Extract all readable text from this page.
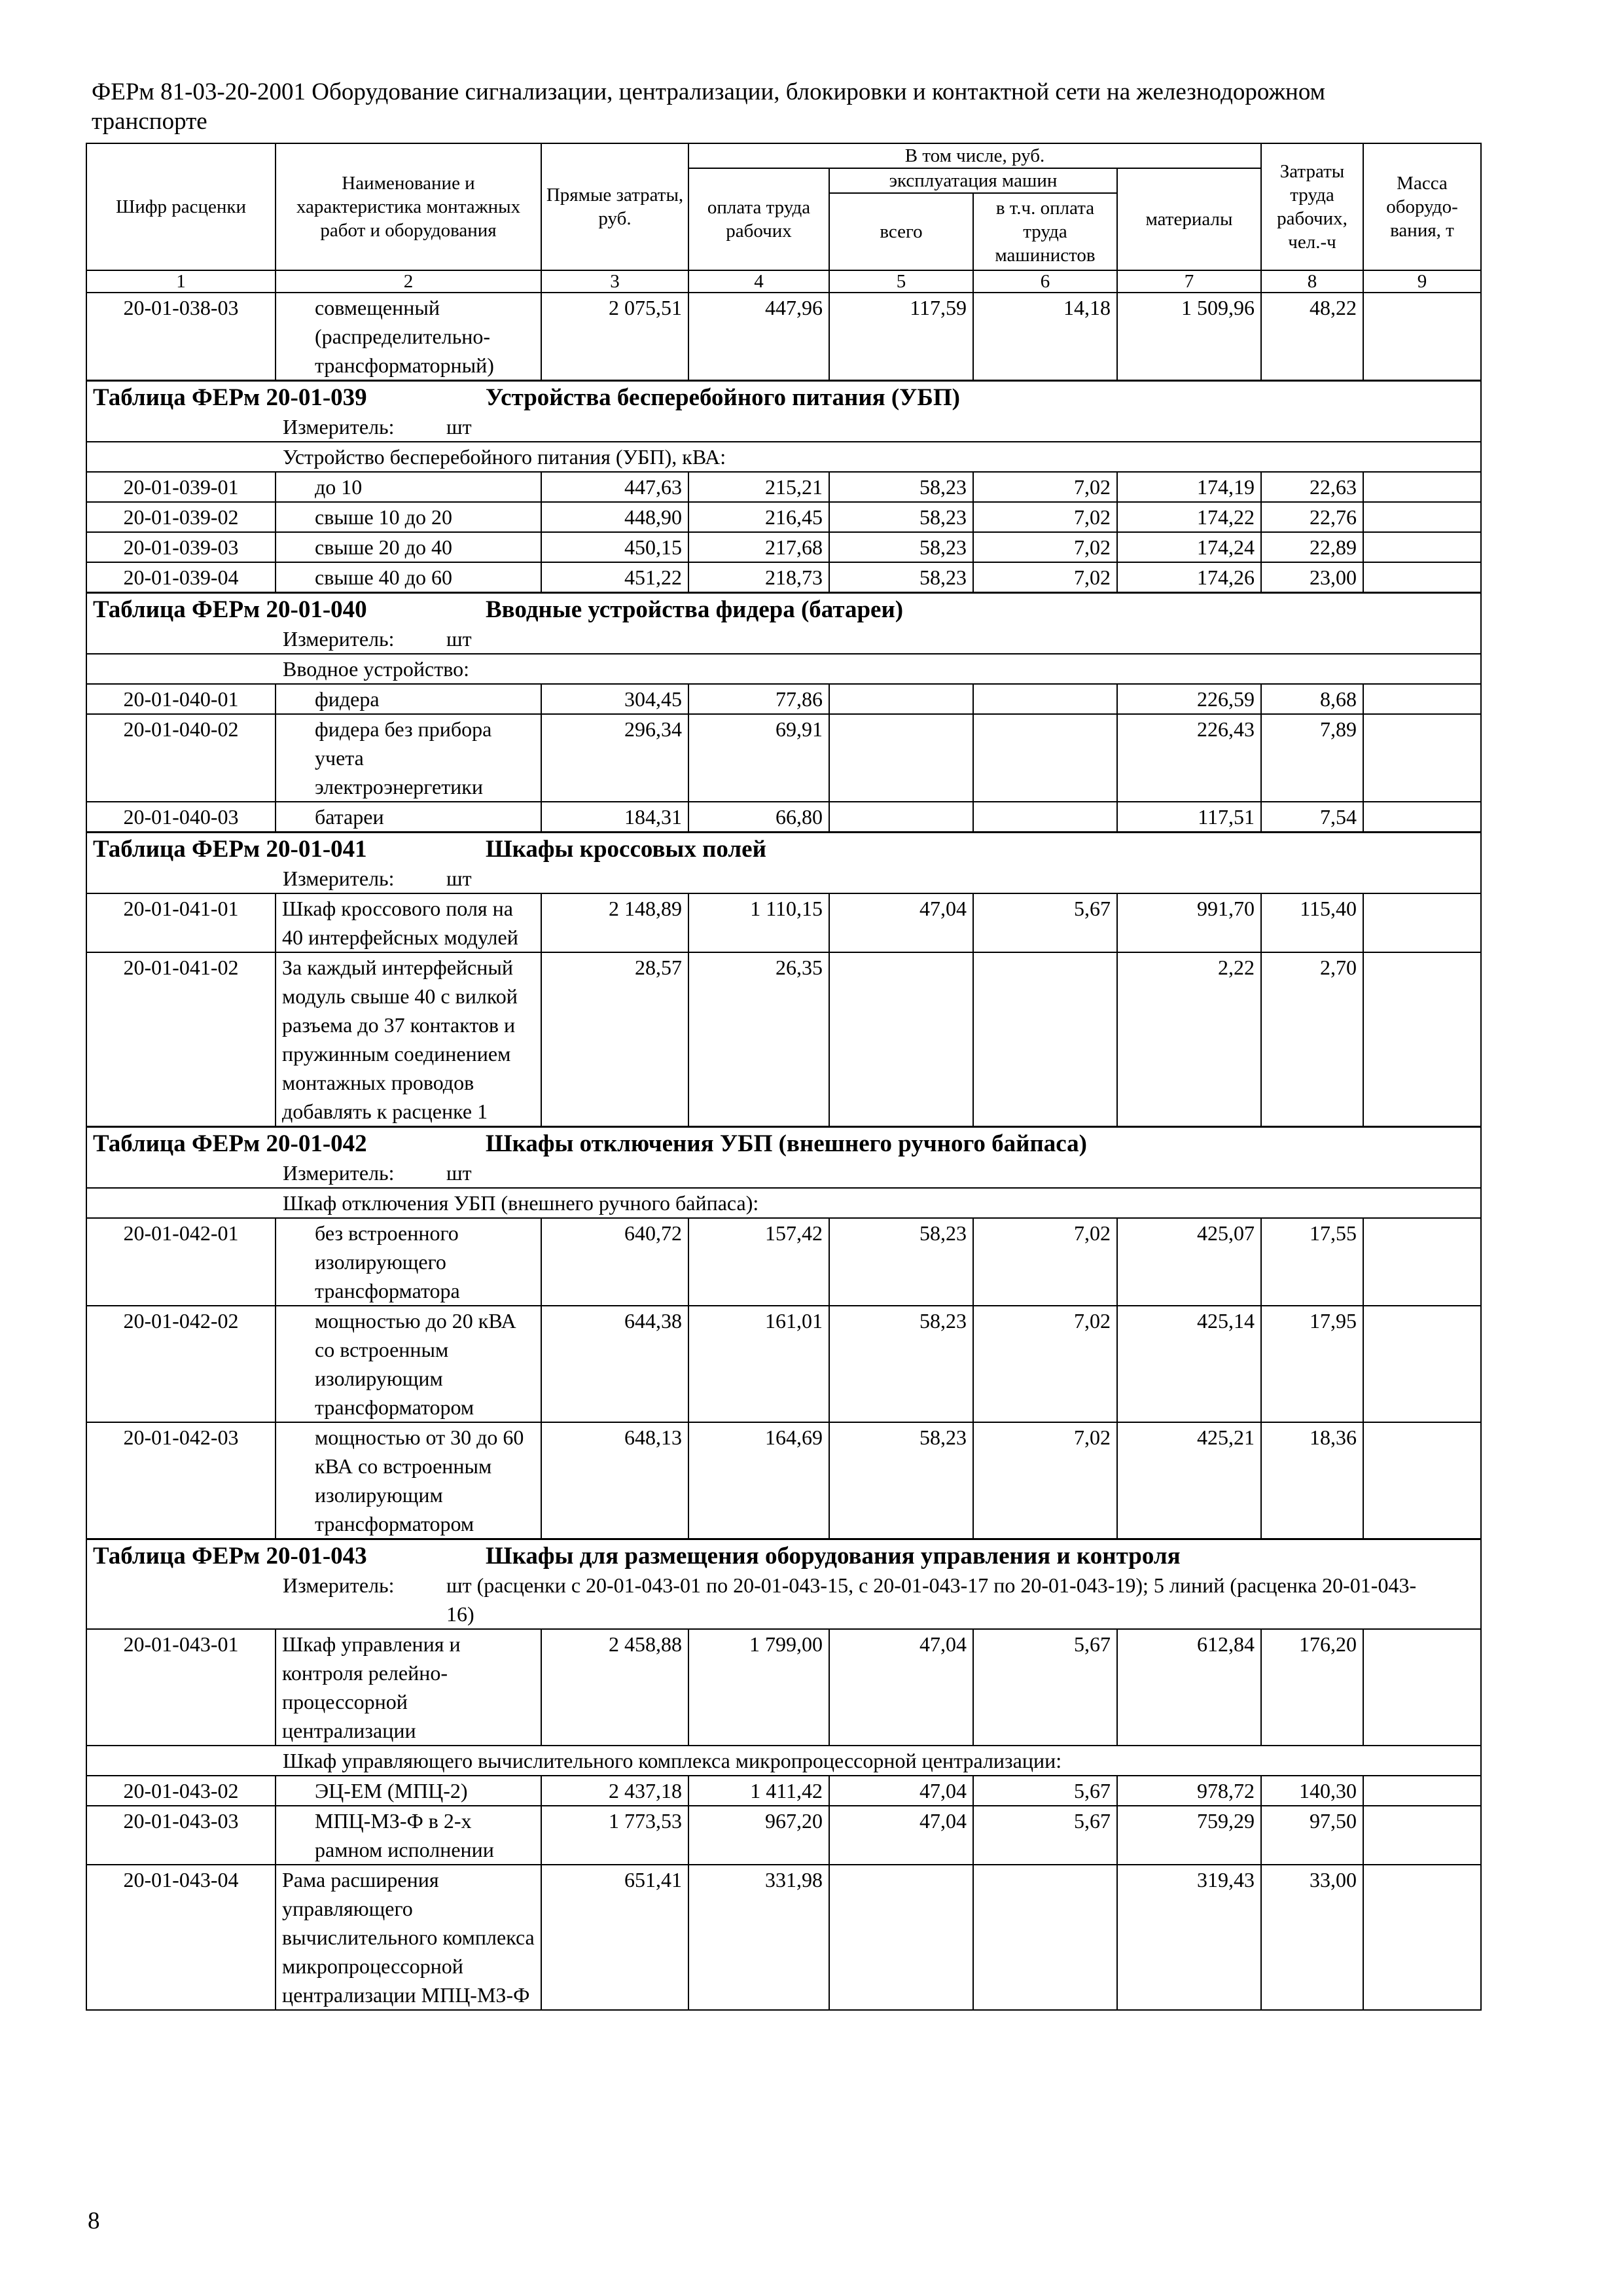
ФЕРм 81-03-20-2001 Оборудование сигнализации, централизации, блокировки и контактной сети на железнодорожном транспорте
Шифр расценки	Наименование и характеристика монтажных работ и оборудования	Прямые затраты, руб.	В том числе, руб.				Затраты труда рабочих, чел.-ч	Масса оборудо-вания, т
			оплата труда рабочих	эксплуатация машин		материалы		
				всего	в т.ч. оплата труда машинистов			
1	2	3	4	5	6	7	8	9
20-01-038-03	совмещенный (распределительно-трансформаторный)	2 075,51	447,96	117,59	14,18	1 509,96	48,22	
Таблица ФЕРм 20-01-039 Устройства бесперебойного питания (УБП)								
Измеритель: шт								

Устройство бесперебойного питания (УБП), кВА:								

20-01-039-01	до 10	447,63	215,21	58,23	7,02	174,19	22,63	
20-01-039-02	свыше 10 до 20	448,90	216,45	58,23	7,02	174,22	22,76	
20-01-039-03	свыше 20 до 40	450,15	217,68	58,23	7,02	174,24	22,89	
20-01-039-04	свыше 40 до 60	451,22	218,73	58,23	7,02	174,26	23,00	
Таблица ФЕРм 20-01-040 Вводные устройства фидера (батареи)								
Измеритель: шт								

Вводное устройство:								

20-01-040-01	фидера	304,45	77,86			226,59	8,68	
20-01-040-02	фидера без прибора учета электроэнергетики	296,34	69,91			226,43	7,89	
20-01-040-03	батареи	184,31	66,80			117,51	7,54	
Таблица ФЕРм 20-01-041 Шкафы кроссовых полей								
Измеритель: шт								
20-01-041-01	Шкаф кроссового поля на 40 интерфейсных модулей	2 148,89	1 110,15	47,04	5,67	991,70	115,40	
20-01-041-02	За каждый интерфейсный модуль свыше 40 с вилкой разъема до 37 контактов и пружинным соединением монтажных проводов добавлять к расценке 1	28,57	26,35			2,22	2,70	
Таблица ФЕРм 20-01-042 Шкафы отключения УБП (внешнего ручного байпаса)								
Измеритель: шт								

Шкаф отключения УБП (внешнего ручного байпаса):								

20-01-042-01	без встроенного изолирующего трансформатора	640,72	157,42	58,23	7,02	425,07	17,55	
20-01-042-02	мощностью до 20 кВА со встроенным изолирующим трансформатором	644,38	161,01	58,23	7,02	425,14	17,95	
20-01-042-03	мощностью от 30 до 60 кВА со встроенным изолирующим трансформатором	648,13	164,69	58,23	7,02	425,21	18,36	
Таблица ФЕРм 20-01-043 Шкафы для размещения оборудования управления и контроля								
Измеритель: шт (расценки с 20-01-043-01 по 20-01-043-15, с 20-01-043-17 по 20-01-043-19); 5 линий (расценка 20-01-043-16)								
20-01-043-01	Шкаф управления и контроля релейно-процессорной централизации	2 458,88	1 799,00	47,04	5,67	612,84	176,20	

Шкаф управляющего вычислительного комплекса микропроцессорной централизации:								

20-01-043-02	ЭЦ-ЕМ (МПЦ-2)	2 437,18	1 411,42	47,04	5,67	978,72	140,30	
20-01-043-03	МПЦ-МЗ-Ф в 2-х рамном исполнении	1 773,53	967,20	47,04	5,67	759,29	97,50	
20-01-043-04	Рама расширения управляющего вычислительного комплекса микропроцессорной централизации МПЦ-МЗ-Ф	651,41	331,98			319,43	33,00	
8
